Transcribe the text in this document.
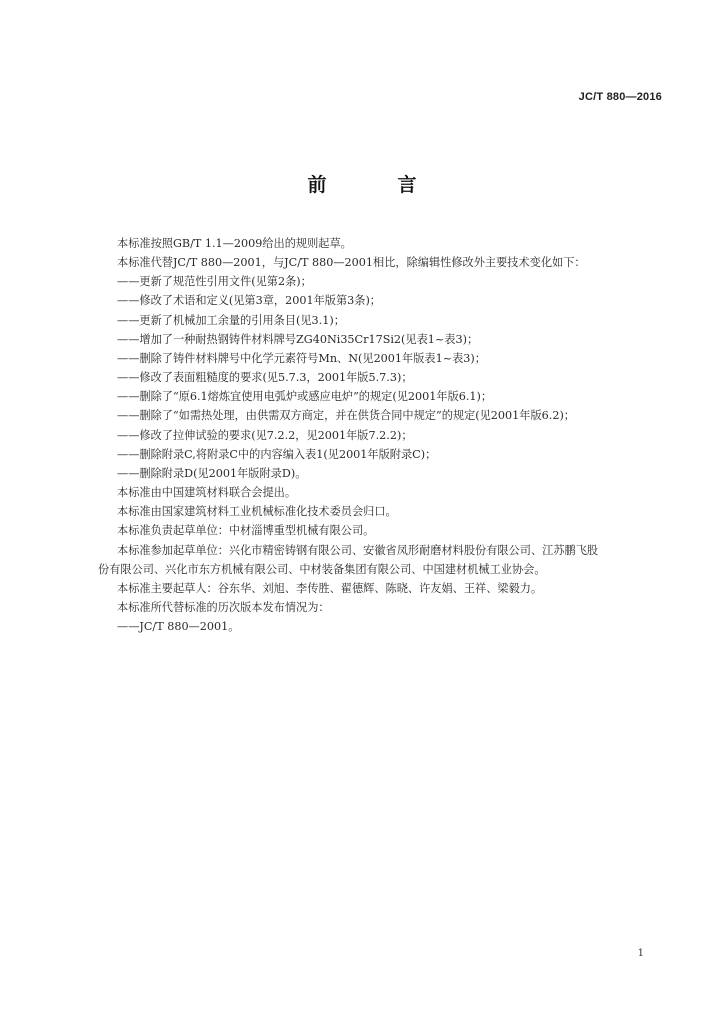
JC/T 880—2016
前　言

本标准按照GB/T 1.1—2009给出的规则起草。

本标准代替JC/T 880—2001，与JC/T 880—2001相比，除编辑性修改外主要技术变化如下：

——更新了规范性引用文件(见第2条)；

——修改了术语和定义(见第3章，2001年版第3条)；

——更新了机械加工余量的引用条目(见3.1)；

——增加了一种耐热钢铸件材料牌号ZG40Ni35Cr17Si2(见表1~表3)；

——删除了铸件材料牌号中化学元素符号Mn、N(见2001年版表1~表3)；

——修改了表面粗糙度的要求(见5.7.3，2001年版5.7.3)；

——删除了“原6.1熔炼宜使用电弧炉或感应电炉”的规定(见2001年版6.1)；

——删除了“如需热处理，由供需双方商定，并在供货合同中规定”的规定(见2001年版6.2)；

——修改了拉伸试验的要求(见7.2.2，见2001年版7.2.2)；

——删除附录C,将附录C中的内容编入表1(见2001年版附录C)；

——删除附录D(见2001年版附录D)。

本标准由中国建筑材料联合会提出。

本标准由国家建筑材料工业机械标准化技术委员会归口。

本标准负责起草单位：中材淄博重型机械有限公司。

本标准参加起草单位：兴化市精密铸钢有限公司、安徽省凤形耐磨材料股份有限公司、江苏鹏飞股

份有限公司、兴化市东方机械有限公司、中材装备集团有限公司、中国建材机械工业协会。

本标准主要起草人：谷东华、刘旭、李传胜、翟德辉、陈晓、许友娟、王祥、梁毅力。

本标准所代替标准的历次版本发布情况为：

——JC/T 880—2001。

1
